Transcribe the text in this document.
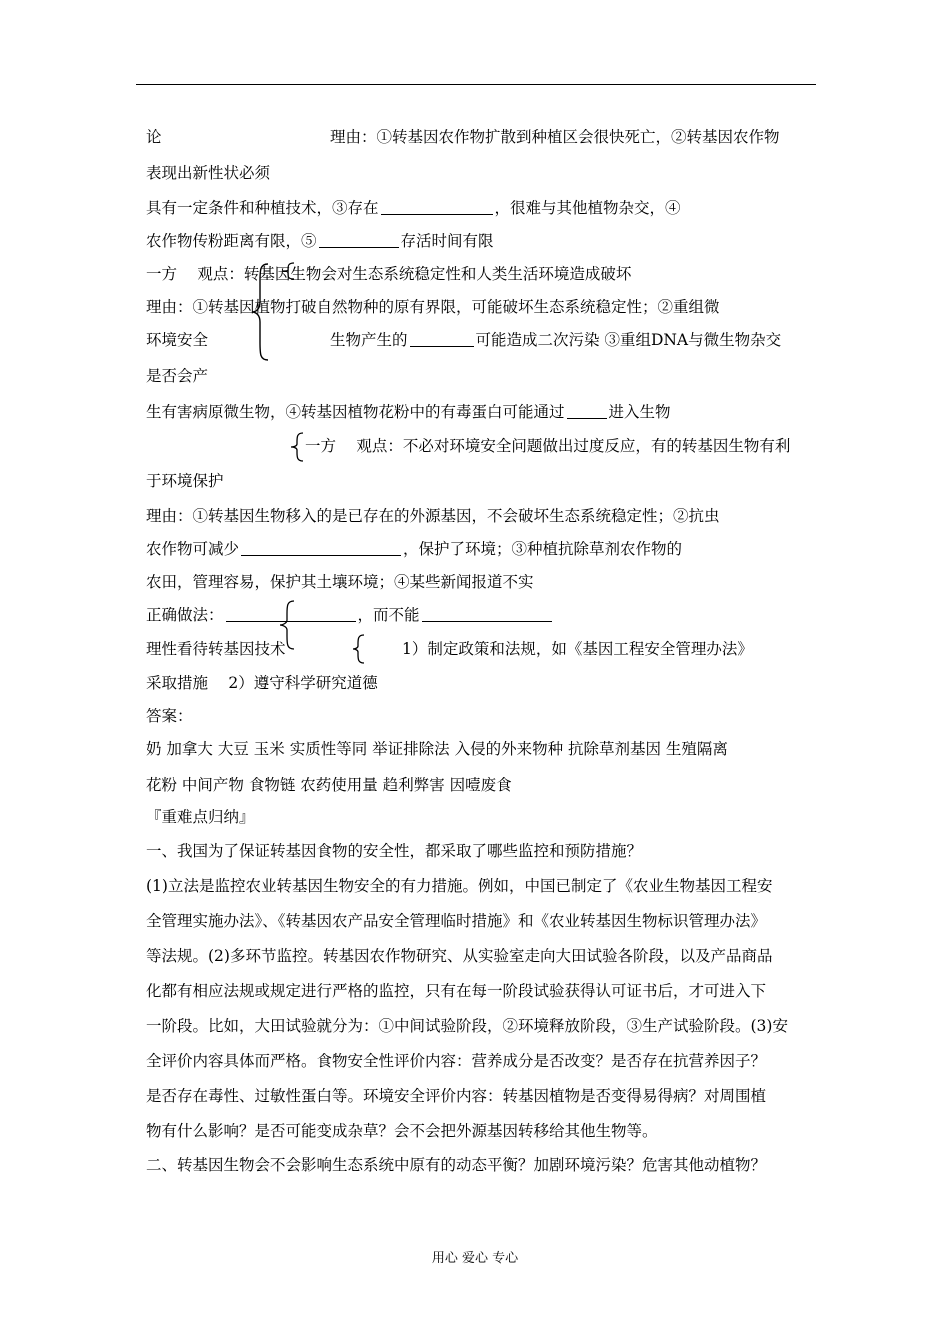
论	理由：①转基因农作物扩散到种植区会很快死亡，②转基因农作物
表现出新性状必须
具有一定条件和种植技术，③存在	，很难与其他植物杂交，④
农作物传粉距离有限，⑤	存活时间有限
一方　 观点：转基因生物会对生态系统稳定性和人类生活环境造成破坏
理由：①转基因植物打破自然物种的原有界限，可能破坏生态系统稳定性；②重组微
环境安全	生物产生的	可能造成二次污染 ③重组DNA与微生物杂交
是否会产
生有害病原微生物，④转基因植物花粉中的有毒蛋白可能通过	进入生物
一方　 观点：不必对环境安全问题做出过度反应，有的转基因生物有利
于环境保护
理由：①转基因生物移入的是已存在的外源基因，不会破坏生态系统稳定性；②抗虫
农作物可减少	，保护了环境；③种植抗除草剂农作物的
农田，管理容易，保护其土壤环境；④某些新闻报道不实
正确做法：	，而不能
理性看待转基因技术	1）制定政策和法规，如《基因工程安全管理办法》
采取措施　 2）遵守科学研究道德
答案：
奶 加拿大 大豆 玉米 实质性等同 举证排除法 入侵的外来物种 抗除草剂基因 生殖隔离
花粉 中间产物 食物链 农药使用量 趋利弊害 因噎废食
『重难点归纳』
一、我国为了保证转基因食物的安全性，都采取了哪些监控和预防措施？
(1)立法是监控农业转基因生物安全的有力措施。例如，中国已制定了《农业生物基因工程安
全管理实施办法》、《转基因农产品安全管理临时措施》和《农业转基因生物标识管理办法》
等法规。(2)多环节监控。转基因农作物研究、从实验室走向大田试验各阶段，以及产品商品
化都有相应法规或规定进行严格的监控，只有在每一阶段试验获得认可证书后，才可进入下
一阶段。比如，大田试验就分为：①中间试验阶段，②环境释放阶段，③生产试验阶段。(3)安
全评价内容具体而严格。食物安全性评价内容：营养成分是否改变？是否存在抗营养因子？
是否存在毒性、过敏性蛋白等。环境安全评价内容：转基因植物是否变得易得病？对周围植
物有什么影响？是否可能变成杂草？会不会把外源基因转移给其他生物等。
二、转基因生物会不会影响生态系统中原有的动态平衡？加剧环境污染？危害其他动植物？
用心 爱心 专心
